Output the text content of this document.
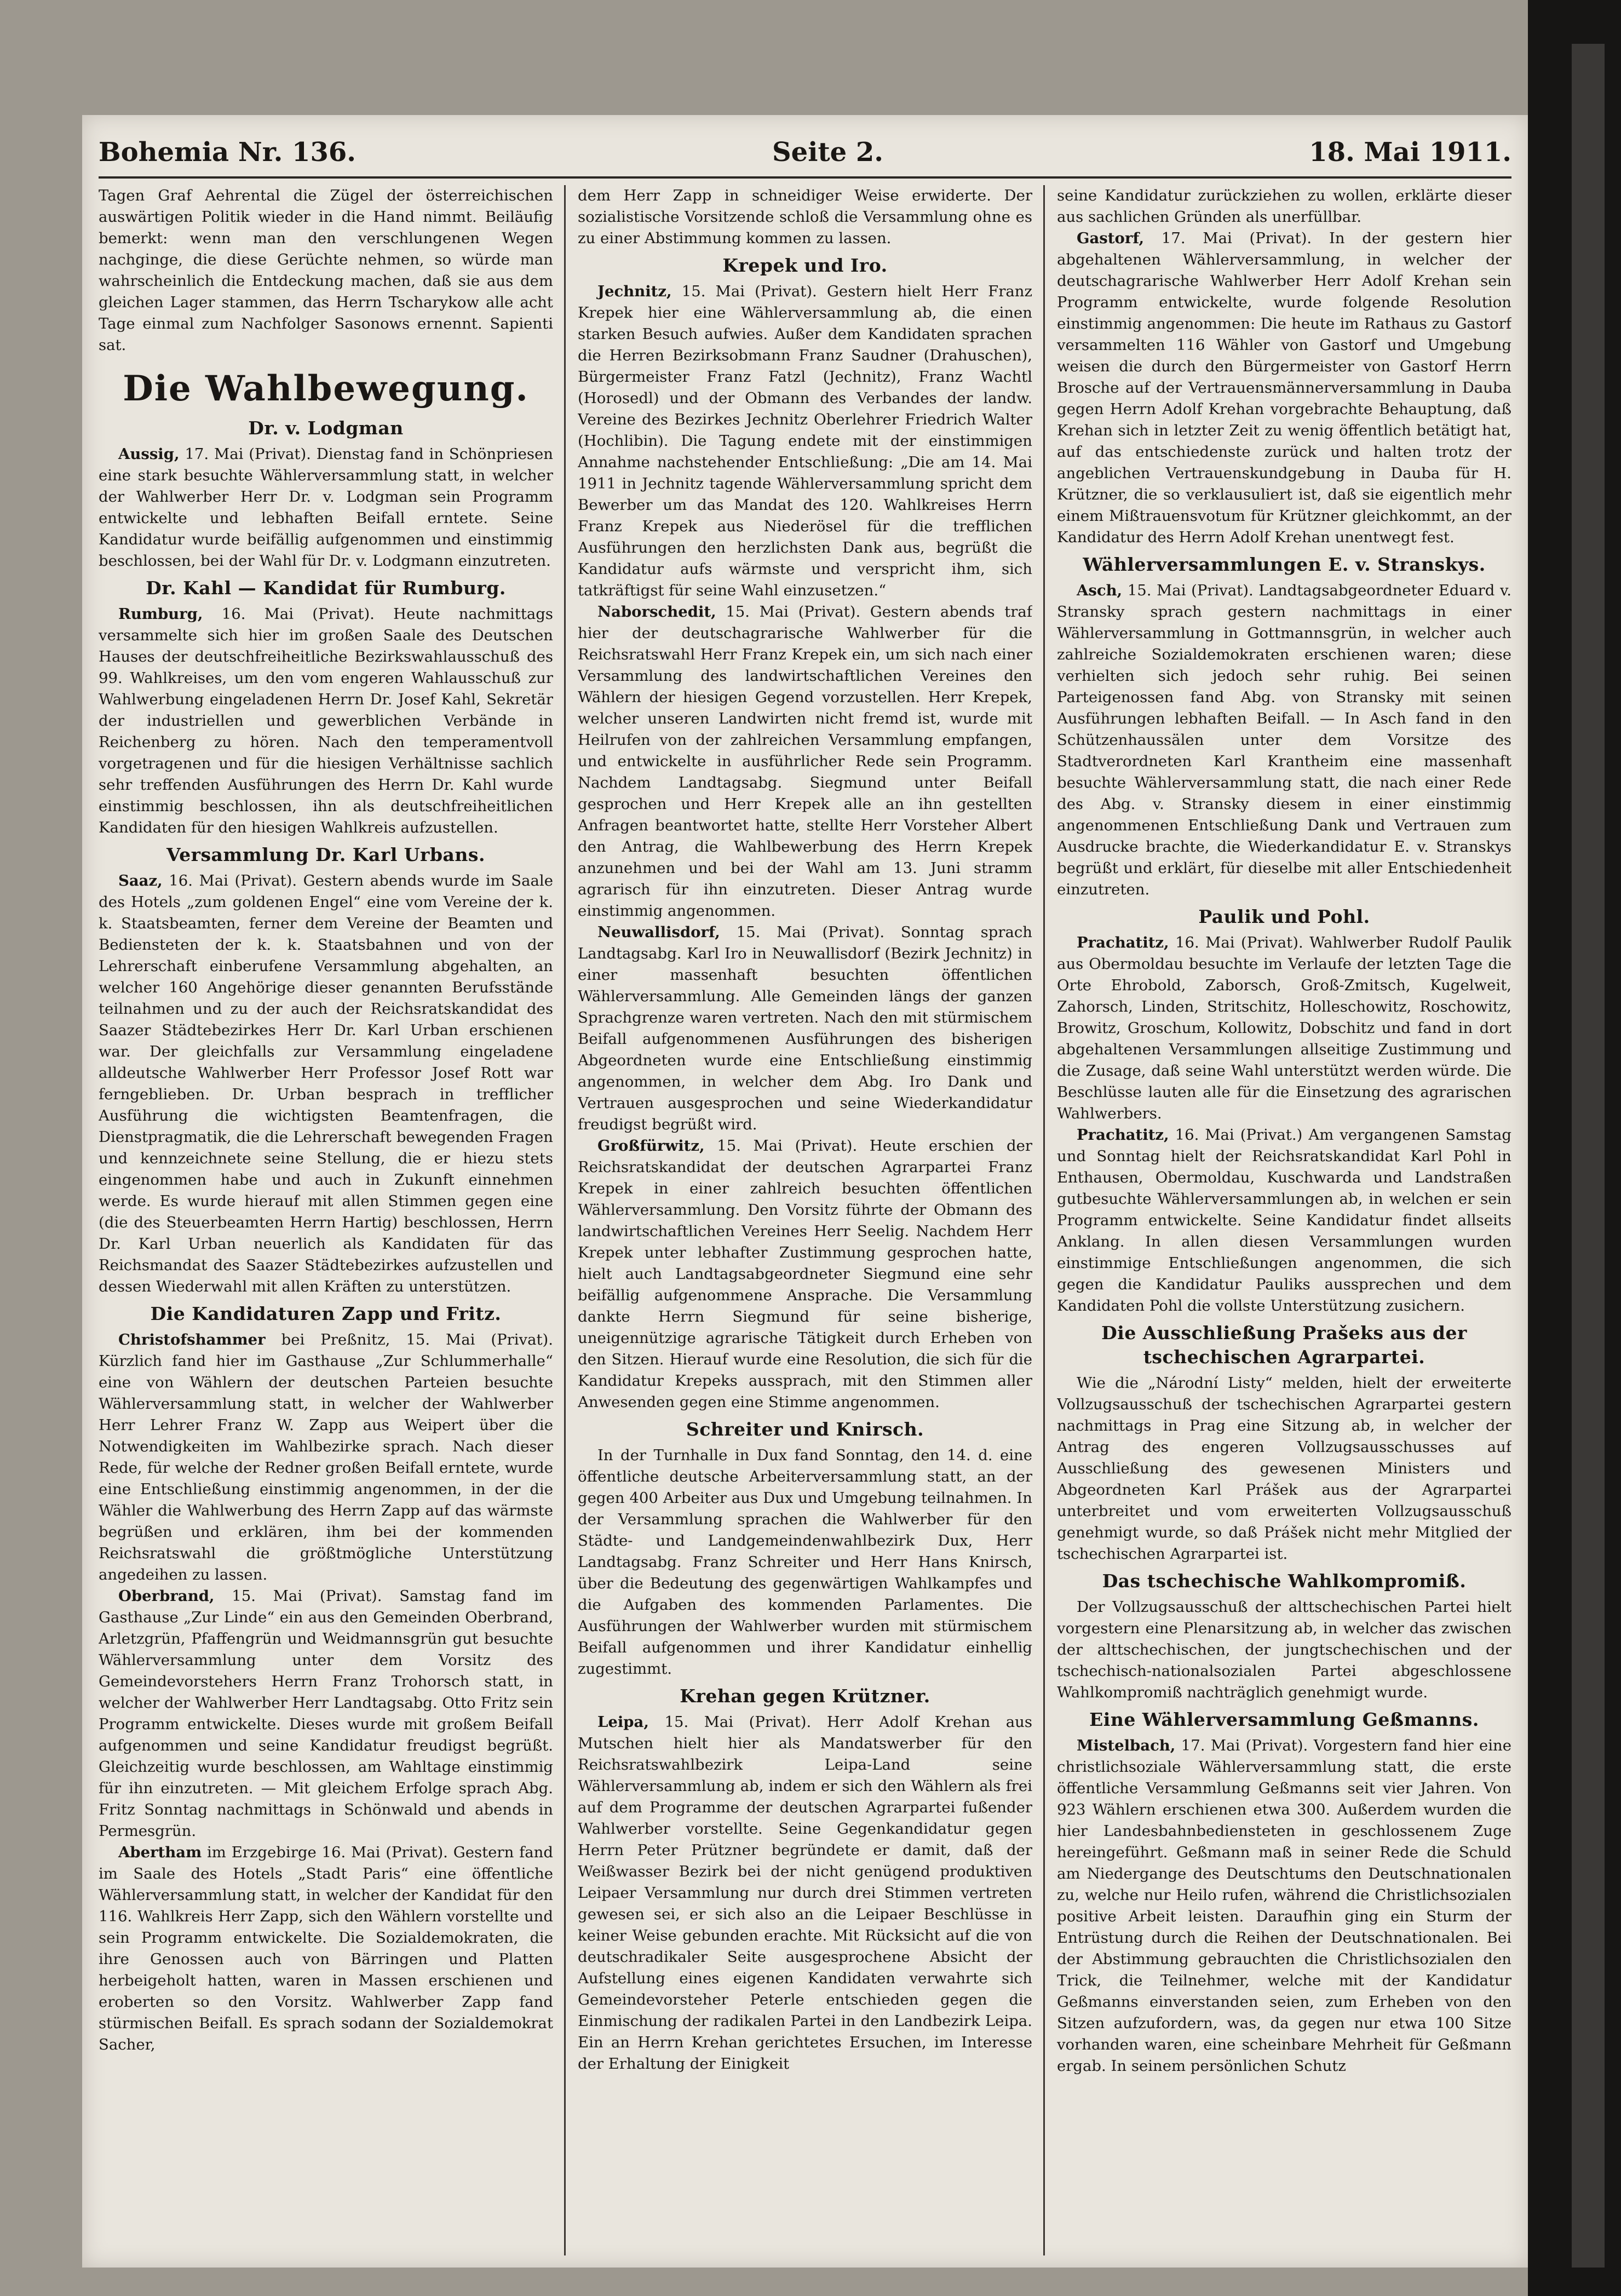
Bohemia Nr. 136.	Seite 2.	18. Mai 1911.

Tagen Graf Aehrental die Zügel der österreichischen auswärtigen Politik wieder in die Hand nimmt. Beiläufig bemerkt: wenn man den verschlungenen Wegen nachginge, die diese Gerüchte nehmen, so würde man wahrscheinlich die Entdeckung machen, daß sie aus dem gleichen Lager stammen, das Herrn Tscharykow alle acht Tage einmal zum Nachfolger Sasonows ernennt. Sapienti sat.

Die Wahlbewegung.
Dr. v. Lodgman

Aussig, 17. Mai (Privat). Dienstag fand in Schönpriesen eine stark besuchte Wählerversammlung statt, in welcher der Wahlwerber Herr Dr. v. Lodgman sein Programm entwickelte und lebhaften Beifall erntete. Seine Kandidatur wurde beifällig aufgenommen und einstimmig beschlossen, bei der Wahl für Dr. v. Lodgmann einzutreten.

Dr. Kahl — Kandidat für Rumburg.

Rumburg, 16. Mai (Privat). Heute nachmittags versammelte sich hier im großen Saale des Deutschen Hauses der deutschfreiheitliche Bezirkswahlausschuß des 99. Wahlkreises, um den vom engeren Wahlausschuß zur Wahlwerbung eingeladenen Herrn Dr. Josef Kahl, Sekretär der industriellen und gewerblichen Verbände in Reichenberg zu hören. Nach den temperamentvoll vorgetragenen und für die hiesigen Verhältnisse sachlich sehr treffenden Ausführungen des Herrn Dr. Kahl wurde einstimmig beschlossen, ihn als deutschfreiheitlichen Kandidaten für den hiesigen Wahlkreis aufzustellen.

Versammlung Dr. Karl Urbans.

Saaz, 16. Mai (Privat). Gestern abends wurde im Saale des Hotels „zum goldenen Engel“ eine vom Vereine der k. k. Staatsbeamten, ferner dem Vereine der Beamten und Bediensteten der k. k. Staatsbahnen und von der Lehrerschaft einberufene Versammlung abgehalten, an welcher 160 Angehörige dieser genannten Berufsstände teilnahmen und zu der auch der Reichsratskandidat des Saazer Städtebezirkes Herr Dr. Karl Urban erschienen war. Der gleichfalls zur Versammlung eingeladene alldeutsche Wahlwerber Herr Professor Josef Rott war ferngeblieben. Dr. Urban besprach in trefflicher Ausführung die wichtigsten Beamtenfragen, die Dienstpragmatik, die die Lehrerschaft bewegenden Fragen und kennzeichnete seine Stellung, die er hiezu stets eingenommen habe und auch in Zukunft einnehmen werde. Es wurde hierauf mit allen Stimmen gegen eine (die des Steuerbeamten Herrn Hartig) beschlossen, Herrn Dr. Karl Urban neuerlich als Kandidaten für das Reichsmandat des Saazer Städtebezirkes aufzustellen und dessen Wiederwahl mit allen Kräften zu unterstützen.

Die Kandidaturen Zapp und Fritz.

Christofshammer bei Preßnitz, 15. Mai (Privat). Kürzlich fand hier im Gasthause „Zur Schlummerhalle“ eine von Wählern der deutschen Parteien besuchte Wählerversammlung statt, in welcher der Wahlwerber Herr Lehrer Franz W. Zapp aus Weipert über die Notwendigkeiten im Wahlbezirke sprach. Nach dieser Rede, für welche der Redner großen Beifall erntete, wurde eine Entschließung einstimmig angenommen, in der die Wähler die Wahlwerbung des Herrn Zapp auf das wärmste begrüßen und erklären, ihm bei der kommenden Reichsratswahl die größtmögliche Unterstützung angedeihen zu lassen.

Oberbrand, 15. Mai (Privat). Samstag fand im Gasthause „Zur Linde“ ein aus den Gemeinden Oberbrand, Arletzgrün, Pfaffengrün und Weidmannsgrün gut besuchte Wählerversammlung unter dem Vorsitz des Gemeindevorstehers Herrn Franz Trohorsch statt, in welcher der Wahlwerber Herr Landtagsabg. Otto Fritz sein Programm entwickelte. Dieses wurde mit großem Beifall aufgenommen und seine Kandidatur freudigst begrüßt. Gleichzeitig wurde beschlossen, am Wahltage einstimmig für ihn einzutreten. — Mit gleichem Erfolge sprach Abg. Fritz Sonntag nachmittags in Schönwald und abends in Permesgrün.

Abertham im Erzgebirge 16. Mai (Privat). Gestern fand im Saale des Hotels „Stadt Paris“ eine öffentliche Wählerversammlung statt, in welcher der Kandidat für den 116. Wahlkreis Herr Zapp, sich den Wählern vorstellte und sein Programm entwickelte. Die Sozialdemokraten, die ihre Genossen auch von Bärringen und Platten herbeigeholt hatten, waren in Massen erschienen und eroberten so den Vorsitz. Wahlwerber Zapp fand stürmischen Beifall. Es sprach sodann der Sozialdemokrat Sacher,

dem Herr Zapp in schneidiger Weise erwiderte. Der sozialistische Vorsitzende schloß die Versammlung ohne es zu einer Abstimmung kommen zu lassen.

Krepek und Iro.

Jechnitz, 15. Mai (Privat). Gestern hielt Herr Franz Krepek hier eine Wählerversammlung ab, die einen starken Besuch aufwies. Außer dem Kandidaten sprachen die Herren Bezirksobmann Franz Saudner (Drahuschen), Bürgermeister Franz Fatzl (Jechnitz), Franz Wachtl (Horosedl) und der Obmann des Verbandes der landw. Vereine des Bezirkes Jechnitz Oberlehrer Friedrich Walter (Hochlibin). Die Tagung endete mit der einstimmigen Annahme nachstehender Entschließung: „Die am 14. Mai 1911 in Jechnitz tagende Wählerversammlung spricht dem Bewerber um das Mandat des 120. Wahlkreises Herrn Franz Krepek aus Niederösel für die trefflichen Ausführungen den herzlichsten Dank aus, begrüßt die Kandidatur aufs wärmste und verspricht ihm, sich tatkräftigst für seine Wahl einzusetzen.“

Naborschedit, 15. Mai (Privat). Gestern abends traf hier der deutschagrarische Wahlwerber für die Reichsratswahl Herr Franz Krepek ein, um sich nach einer Versammlung des landwirtschaftlichen Vereines den Wählern der hiesigen Gegend vorzustellen. Herr Krepek, welcher unseren Landwirten nicht fremd ist, wurde mit Heilrufen von der zahlreichen Versammlung empfangen, und entwickelte in ausführlicher Rede sein Programm. Nachdem Landtagsabg. Siegmund unter Beifall gesprochen und Herr Krepek alle an ihn gestellten Anfragen beantwortet hatte, stellte Herr Vorsteher Albert den Antrag, die Wahlbewerbung des Herrn Krepek anzunehmen und bei der Wahl am 13. Juni stramm agrarisch für ihn einzutreten. Dieser Antrag wurde einstimmig angenommen.

Neuwallisdorf, 15. Mai (Privat). Sonntag sprach Landtagsabg. Karl Iro in Neuwallisdorf (Bezirk Jechnitz) in einer massenhaft besuchten öffentlichen Wählerversammlung. Alle Gemeinden längs der ganzen Sprachgrenze waren vertreten. Nach den mit stürmischem Beifall aufgenommenen Ausführungen des bisherigen Abgeordneten wurde eine Entschließung einstimmig angenommen, in welcher dem Abg. Iro Dank und Vertrauen ausgesprochen und seine Wiederkandidatur freudigst begrüßt wird.

Großfürwitz, 15. Mai (Privat). Heute erschien der Reichsratskandidat der deutschen Agrarpartei Franz Krepek in einer zahlreich besuchten öffentlichen Wählerversammlung. Den Vorsitz führte der Obmann des landwirtschaftlichen Vereines Herr Seelig. Nachdem Herr Krepek unter lebhafter Zustimmung gesprochen hatte, hielt auch Landtagsabgeordneter Siegmund eine sehr beifällig aufgenommene Ansprache. Die Versammlung dankte Herrn Siegmund für seine bisherige, uneigennützige agrarische Tätigkeit durch Erheben von den Sitzen. Hierauf wurde eine Resolution, die sich für die Kandidatur Krepeks aussprach, mit den Stimmen aller Anwesenden gegen eine Stimme angenommen.

Schreiter und Knirsch.

In der Turnhalle in Dux fand Sonntag, den 14. d. eine öffentliche deutsche Arbeiterversammlung statt, an der gegen 400 Arbeiter aus Dux und Umgebung teilnahmen. In der Versammlung sprachen die Wahlwerber für den Städte- und Landgemeindenwahlbezirk Dux, Herr Landtagsabg. Franz Schreiter und Herr Hans Knirsch, über die Bedeutung des gegenwärtigen Wahlkampfes und die Aufgaben des kommenden Parlamentes. Die Ausführungen der Wahlwerber wurden mit stürmischem Beifall aufgenommen und ihrer Kandidatur einhellig zugestimmt.

Krehan gegen Krützner.

Leipa, 15. Mai (Privat). Herr Adolf Krehan aus Mutschen hielt hier als Mandatswerber für den Reichsratswahlbezirk Leipa-Land seine Wählerversammlung ab, indem er sich den Wählern als frei auf dem Programme der deutschen Agrarpartei fußender Wahlwerber vorstellte. Seine Gegenkandidatur gegen Herrn Peter Prützner begründete er damit, daß der Weißwasser Bezirk bei der nicht genügend produktiven Leipaer Versammlung nur durch drei Stimmen vertreten gewesen sei, er sich also an die Leipaer Beschlüsse in keiner Weise gebunden erachte. Mit Rücksicht auf die von deutschradikaler Seite ausgesprochene Absicht der Aufstellung eines eigenen Kandidaten verwahrte sich Gemeindevorsteher Peterle entschieden gegen die Einmischung der radikalen Partei in den Landbezirk Leipa. Ein an Herrn Krehan gerichtetes Ersuchen, im Interesse der Erhaltung der Einigkeit

seine Kandidatur zurückziehen zu wollen, erklärte dieser aus sachlichen Gründen als unerfüllbar.

Gastorf, 17. Mai (Privat). In der gestern hier abgehaltenen Wählerversammlung, in welcher der deutschagrarische Wahlwerber Herr Adolf Krehan sein Programm entwickelte, wurde folgende Resolution einstimmig angenommen: Die heute im Rathaus zu Gastorf versammelten 116 Wähler von Gastorf und Umgebung weisen die durch den Bürgermeister von Gastorf Herrn Brosche auf der Vertrauensmännerversammlung in Dauba gegen Herrn Adolf Krehan vorgebrachte Behauptung, daß Krehan sich in letzter Zeit zu wenig öffentlich betätigt hat, auf das entschiedenste zurück und halten trotz der angeblichen Vertrauenskundgebung in Dauba für H. Krützner, die so verklausuliert ist, daß sie eigentlich mehr einem Mißtrauensvotum für Krützner gleichkommt, an der Kandidatur des Herrn Adolf Krehan unentwegt fest.

Wählerversammlungen E. v. Stranskys.

Asch, 15. Mai (Privat). Landtagsabgeordneter Eduard v. Stransky sprach gestern nachmittags in einer Wählerversammlung in Gottmannsgrün, in welcher auch zahlreiche Sozialdemokraten erschienen waren; diese verhielten sich jedoch sehr ruhig. Bei seinen Parteigenossen fand Abg. von Stransky mit seinen Ausführungen lebhaften Beifall. — In Asch fand in den Schützenhaussälen unter dem Vorsitze des Stadtverordneten Karl Krantheim eine massenhaft besuchte Wählerversammlung statt, die nach einer Rede des Abg. v. Stransky diesem in einer einstimmig angenommenen Entschließung Dank und Vertrauen zum Ausdrucke brachte, die Wiederkandidatur E. v. Stranskys begrüßt und erklärt, für dieselbe mit aller Entschiedenheit einzutreten.

Paulik und Pohl.

Prachatitz, 16. Mai (Privat). Wahlwerber Rudolf Paulik aus Obermoldau besuchte im Verlaufe der letzten Tage die Orte Ehrobold, Zaborsch, Groß-Zmitsch, Kugelweit, Zahorsch, Linden, Stritschitz, Holleschowitz, Roschowitz, Browitz, Groschum, Kollowitz, Dobschitz und fand in dort abgehaltenen Versammlungen allseitige Zustimmung und die Zusage, daß seine Wahl unterstützt werden würde. Die Beschlüsse lauten alle für die Einsetzung des agrarischen Wahlwerbers.

Prachatitz, 16. Mai (Privat.) Am vergangenen Samstag und Sonntag hielt der Reichsratskandidat Karl Pohl in Enthausen, Obermoldau, Kuschwarda und Landstraßen gutbesuchte Wählerversammlungen ab, in welchen er sein Programm entwickelte. Seine Kandidatur findet allseits Anklang. In allen diesen Versammlungen wurden einstimmige Entschließungen angenommen, die sich gegen die Kandidatur Pauliks aussprechen und dem Kandidaten Pohl die vollste Unterstützung zusichern.

Die Ausschließung Prašeks aus der tschechischen Agrarpartei.

Wie die „Národní Listy“ melden, hielt der erweiterte Vollzugsausschuß der tschechischen Agrarpartei gestern nachmittags in Prag eine Sitzung ab, in welcher der Antrag des engeren Vollzugsausschusses auf Ausschließung des gewesenen Ministers und Abgeordneten Karl Prášek aus der Agrarpartei unterbreitet und vom erweiterten Vollzugsausschuß genehmigt wurde, so daß Prášek nicht mehr Mitglied der tschechischen Agrarpartei ist.

Das tschechische Wahlkompromiß.

Der Vollzugsausschuß der alttschechischen Partei hielt vorgestern eine Plenarsitzung ab, in welcher das zwischen der alttschechischen, der jungtschechischen und der tschechisch-nationalsozialen Partei abgeschlossene Wahlkompromiß nachträglich genehmigt wurde.

Eine Wählerversammlung Geßmanns.

Mistelbach, 17. Mai (Privat). Vorgestern fand hier eine christlichsoziale Wählerversammlung statt, die erste öffentliche Versammlung Geßmanns seit vier Jahren. Von 923 Wählern erschienen etwa 300. Außerdem wurden die hier Landesbahnbediensteten in geschlossenem Zuge hereingeführt. Geßmann maß in seiner Rede die Schuld am Niedergange des Deutschtums den Deutschnationalen zu, welche nur Heilo rufen, während die Christlichsozialen positive Arbeit leisten. Daraufhin ging ein Sturm der Entrüstung durch die Reihen der Deutschnationalen. Bei der Abstimmung gebrauchten die Christlichsozialen den Trick, die Teilnehmer, welche mit der Kandidatur Geßmanns einverstanden seien, zum Erheben von den Sitzen aufzufordern, was, da gegen nur etwa 100 Sitze vorhanden waren, eine scheinbare Mehrheit für Geßmann ergab. In seinem persönlichen Schutz
